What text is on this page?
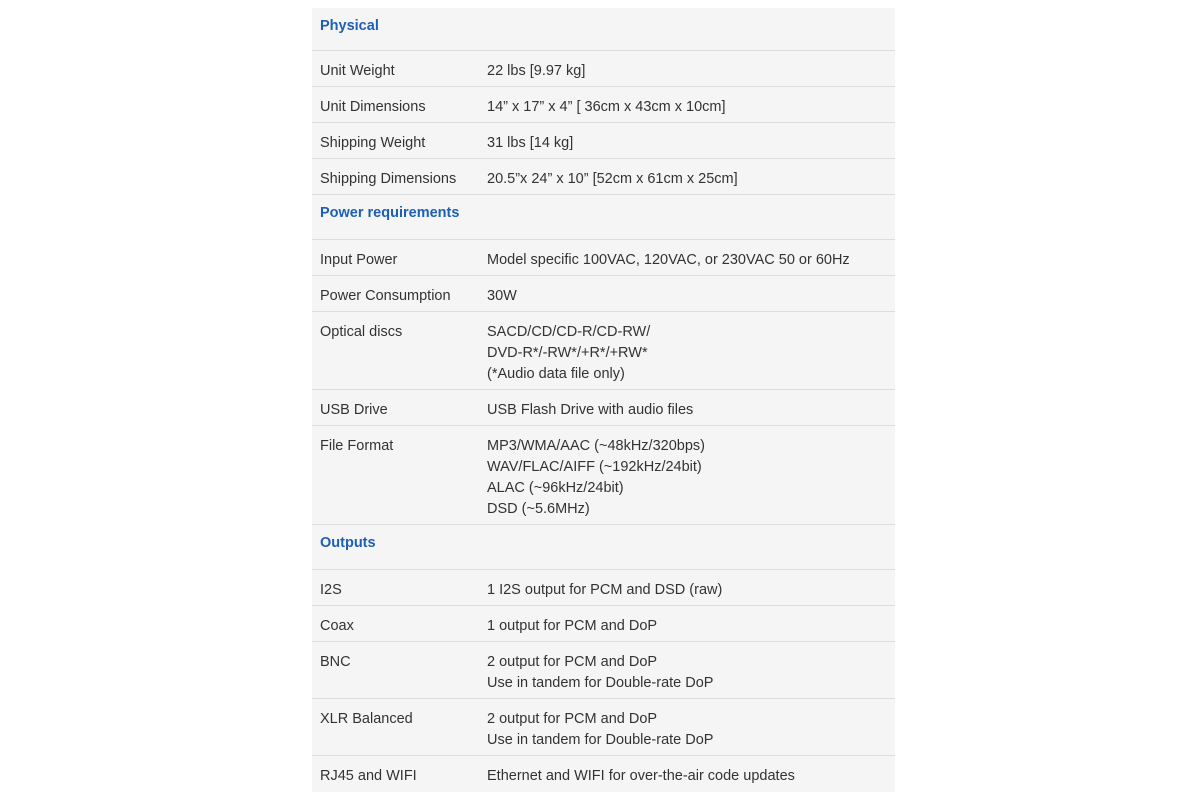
Physical
Unit Weight	22 lbs [9.97 kg]
Unit Dimensions	14” x 17” x 4” [ 36cm x 43cm x 10cm]
Shipping Weight	31 lbs [14 kg]
Shipping Dimensions	20.5”x 24” x 10” [52cm x 61cm x 25cm]
Power requirements
Input Power	Model specific 100VAC, 120VAC, or 230VAC 50 or 60Hz
Power Consumption	30W
Optical discs	SACD/CD/CD-R/CD-RW/
DVD-R*/-RW*/+R*/+RW*
(*Audio data file only)
USB Drive	USB Flash Drive with audio files
File Format	MP3/WMA/AAC (~48kHz/320bps)
WAV/FLAC/AIFF (~192kHz/24bit)
ALAC (~96kHz/24bit)
DSD (~5.6MHz)
Outputs
I2S	1 I2S output for PCM and DSD (raw)
Coax	1 output for PCM and DoP
BNC	2 output for PCM and DoP
Use in tandem for Double-rate DoP
XLR Balanced	2 output for PCM and DoP
Use in tandem for Double-rate DoP
RJ45 and WIFI	Ethernet and WIFI for over-the-air code updates
